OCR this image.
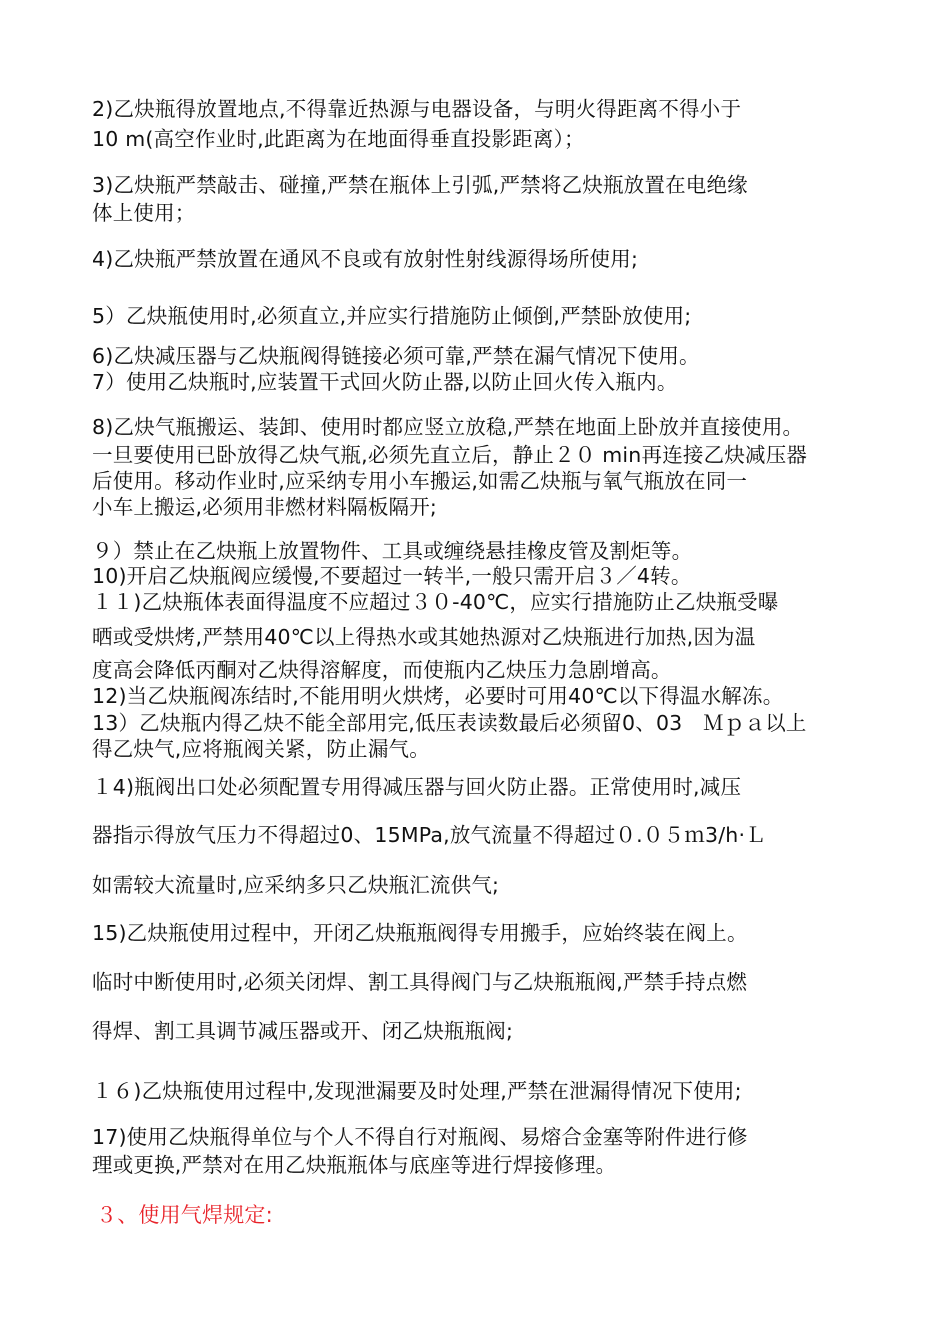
2)乙炔瓶得放置地点,不得靠近热源与电器设备，与明火得距离不得小于
10 m(高空作业时,此距离为在地面得垂直投影距离）；
3)乙炔瓶严禁敲击、碰撞,严禁在瓶体上引弧,严禁将乙炔瓶放置在电绝缘
体上使用；
4)乙炔瓶严禁放置在通风不良或有放射性射线源得场所使用;
5）乙炔瓶使用时,必须直立,并应实行措施防止倾倒,严禁卧放使用;
6)乙炔减压器与乙炔瓶阀得链接必须可靠,严禁在漏气情况下使用。
7）使用乙炔瓶时,应装置干式回火防止器,以防止回火传入瓶内。
8)乙炔气瓶搬运、装卸、使用时都应竖立放稳,严禁在地面上卧放并直接使用。
一旦要使用已卧放得乙炔气瓶,必须先直立后，静止２０ min再连接乙炔减压器
后使用。移动作业时,应采纳专用小车搬运,如需乙炔瓶与氧气瓶放在同一
小车上搬运,必须用非燃材料隔板隔开;
９）禁止在乙炔瓶上放置物件、工具或缠绕悬挂橡皮管及割炬等。
10)开启乙炔瓶阀应缓慢,不要超过一转半,一般只需开启３／4转。
１１)乙炔瓶体表面得温度不应超过３０-40℃，应实行措施防止乙炔瓶受曝
晒或受烘烤,严禁用40℃以上得热水或其她热源对乙炔瓶进行加热,因为温
度高会降低丙酮对乙炔得溶解度，而使瓶内乙炔压力急剧增高。
12)当乙炔瓶阀冻结时,不能用明火烘烤，必要时可用40℃以下得温水解冻。
13）乙炔瓶内得乙炔不能全部用完,低压表读数最后必须留0、03　Ｍｐａ以上
得乙炔气,应将瓶阀关紧，防止漏气。
１4)瓶阀出口处必须配置专用得减压器与回火防止器。正常使用时,减压
器指示得放气压力不得超过0、15MPa,放气流量不得超过０.０５ｍ3/h·Ｌ
如需较大流量时,应采纳多只乙炔瓶汇流供气;
15)乙炔瓶使用过程中，开闭乙炔瓶瓶阀得专用搬手，应始终装在阀上。
临时中断使用时,必须关闭焊、割工具得阀门与乙炔瓶瓶阀,严禁手持点燃
得焊、割工具调节减压器或开、闭乙炔瓶瓶阀;
１６)乙炔瓶使用过程中,发现泄漏要及时处理,严禁在泄漏得情况下使用;
17)使用乙炔瓶得单位与个人不得自行对瓶阀、易熔合金塞等附件进行修
理或更换,严禁对在用乙炔瓶瓶体与底座等进行焊接修理。
３、使用气焊规定:
